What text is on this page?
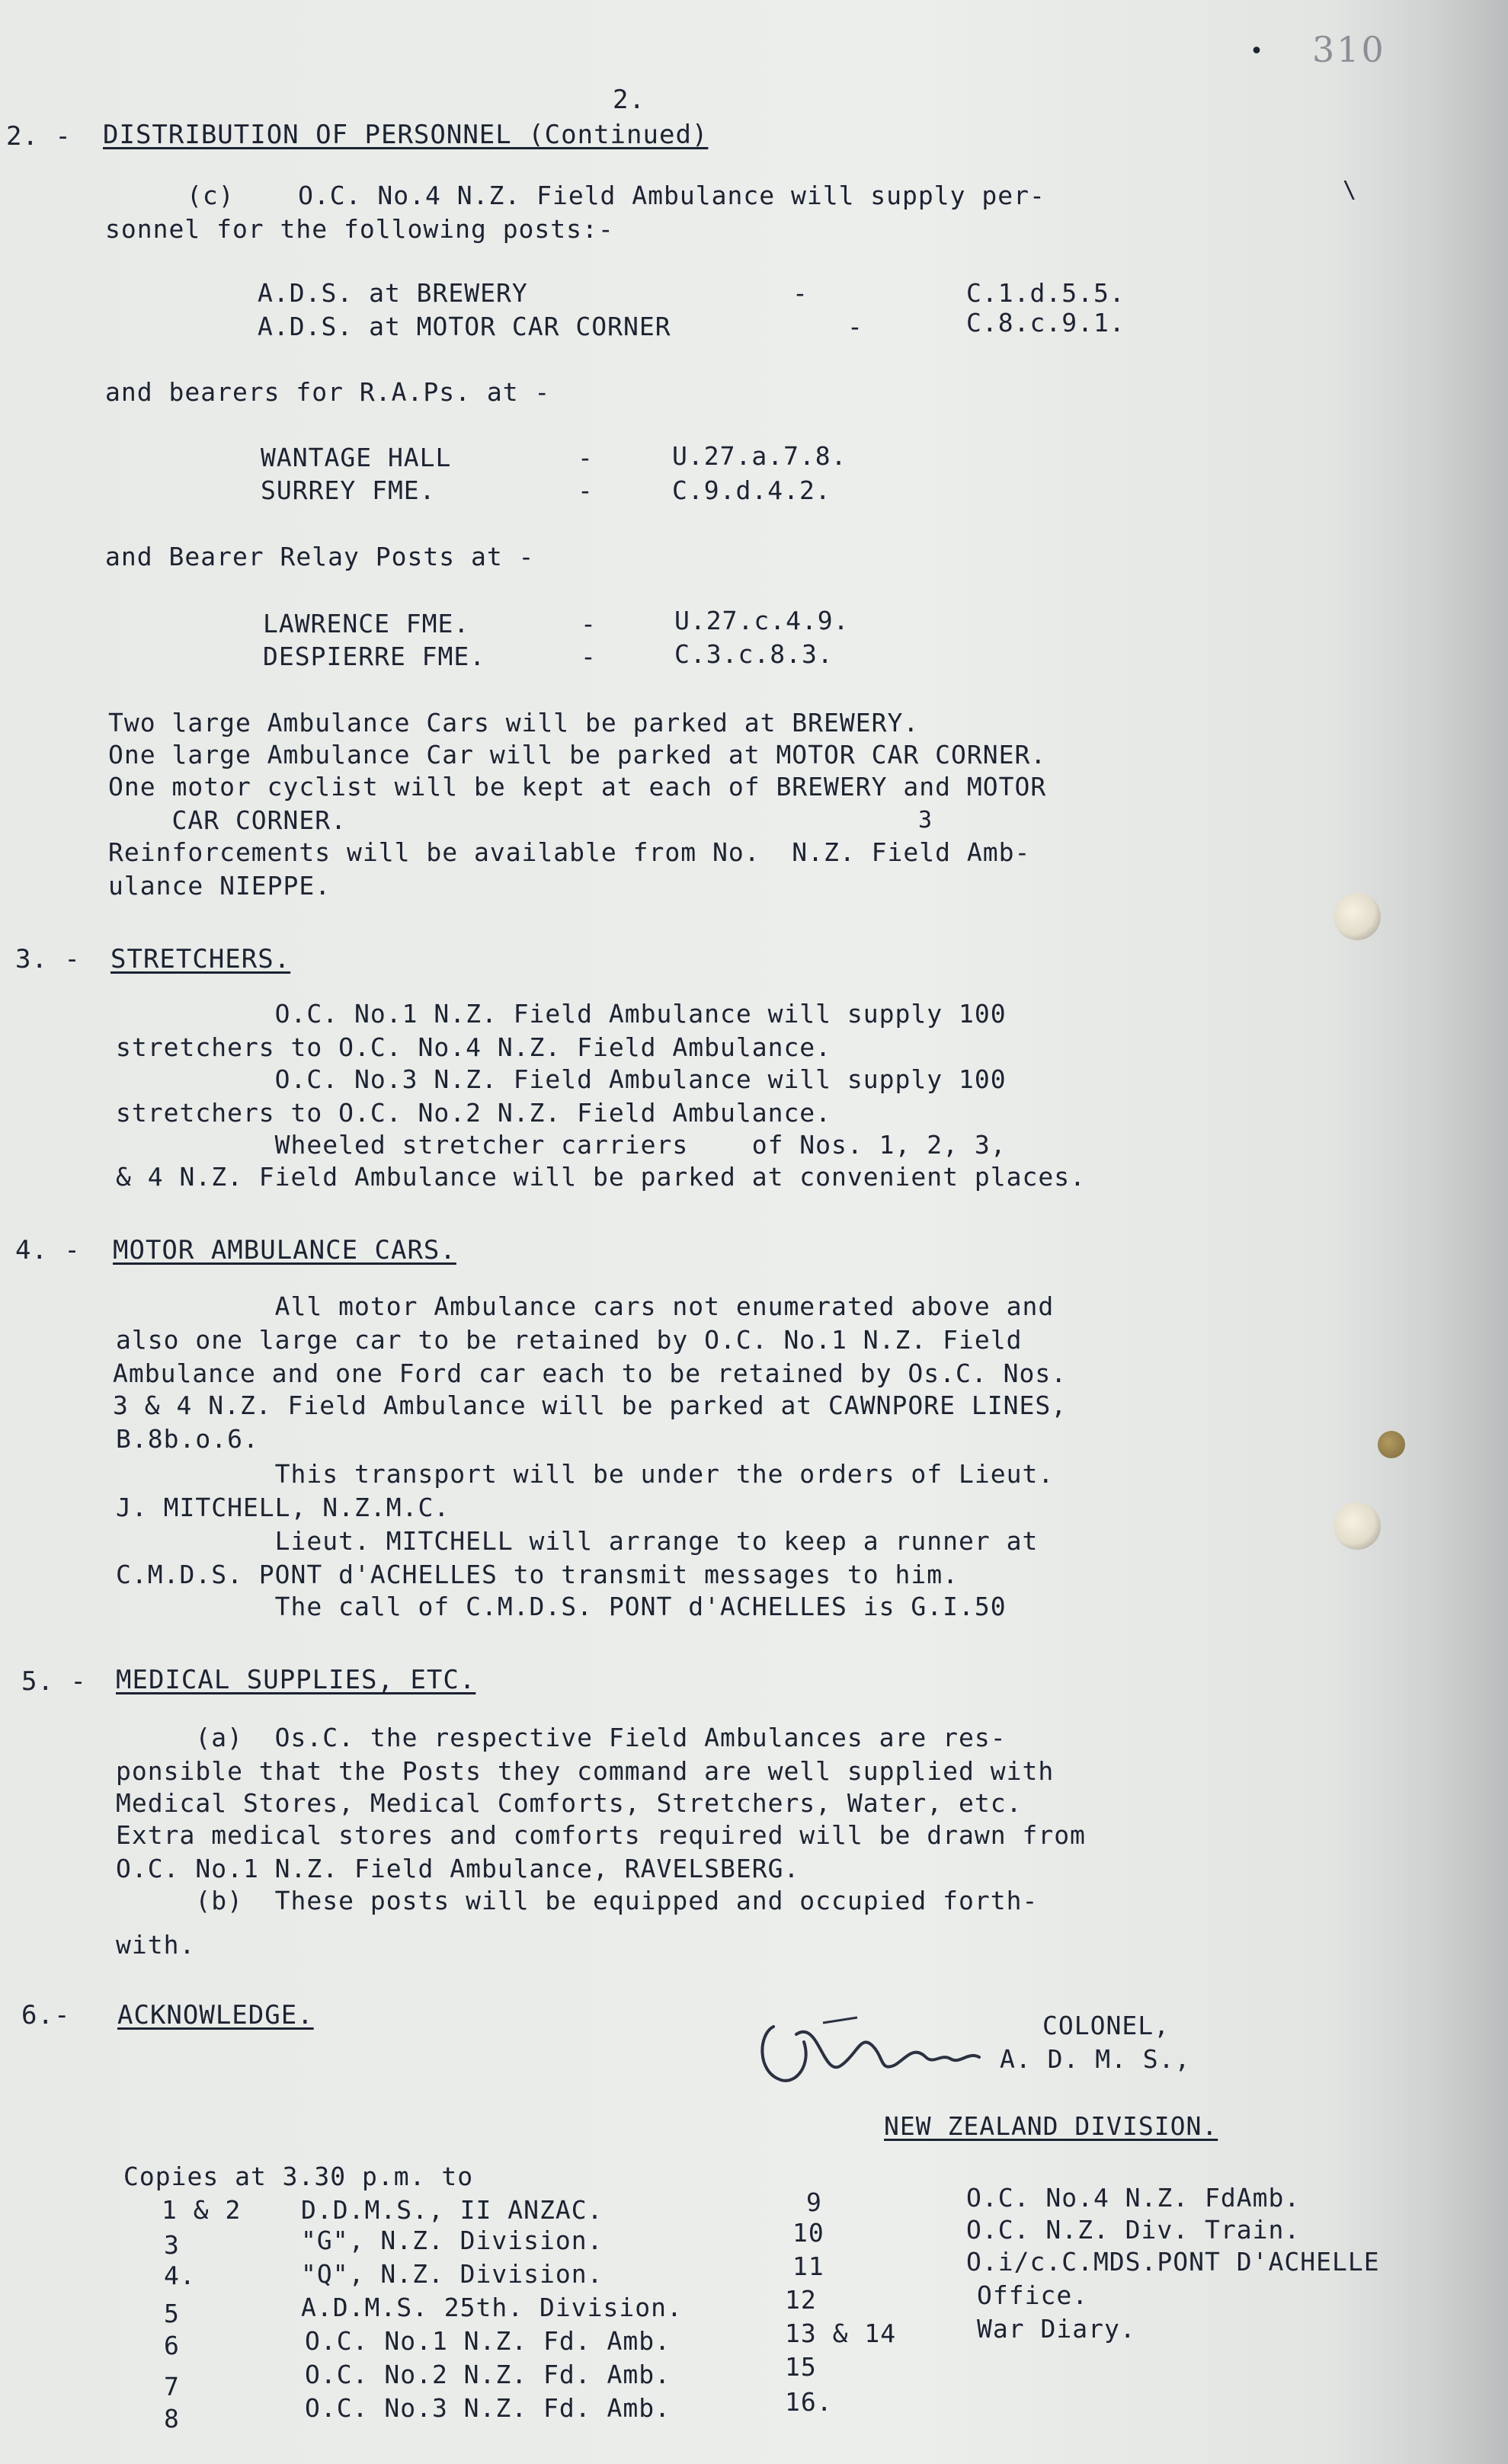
310
2.
2. - DISTRIBUTION OF PERSONNEL (Continued)
(c)    O.C. No.4 N.Z. Field Ambulance will supply per-
sonnel for the following posts:-
A.D.S. at BREWERY	-	C.1.d.5.5.
A.D.S. at MOTOR CAR CORNER	-	C.8.c.9.1.
and bearers for R.A.Ps. at -
WANTAGE HALL	-	U.27.a.7.8.
SURREY FME.	-	C.9.d.4.2.
and Bearer Relay Posts at -
LAWRENCE FME.	-	U.27.c.4.9.
DESPIERRE FME.	-	C.3.c.8.3.
Two large Ambulance Cars will be parked at BREWERY.
One large Ambulance Car will be parked at MOTOR CAR CORNER.
One motor cyclist will be kept at each of BREWERY and MOTOR
CAR CORNER.	3
Reinforcements will be available from No.  N.Z. Field Amb-
ulance NIEPPE.
3. - STRETCHERS.
O.C. No.1 N.Z. Field Ambulance will supply 100
stretchers to O.C. No.4 N.Z. Field Ambulance.
O.C. No.3 N.Z. Field Ambulance will supply 100
stretchers to O.C. No.2 N.Z. Field Ambulance.
Wheeled stretcher carriers    of Nos. 1, 2, 3,
& 4 N.Z. Field Ambulance will be parked at convenient places.
4. - MOTOR AMBULANCE CARS.
All motor Ambulance cars not enumerated above and
also one large car to be retained by O.C. No.1 N.Z. Field
Ambulance and one Ford car each to be retained by Os.C. Nos.
3 & 4 N.Z. Field Ambulance will be parked at CAWNPORE LINES,
B.8b.o.6.
This transport will be under the orders of Lieut.
J. MITCHELL, N.Z.M.C.
Lieut. MITCHELL will arrange to keep a runner at
C.M.D.S. PONT d'ACHELLES to transmit messages to him.
The call of C.M.D.S. PONT d'ACHELLES is G.I.50
5. - MEDICAL SUPPLIES, ETC.
(a)  Os.C. the respective Field Ambulances are res-
ponsible that the Posts they command are well supplied with
Medical Stores, Medical Comforts, Stretchers, Water, etc.
Extra medical stores and comforts required will be drawn from
O.C. No.1 N.Z. Field Ambulance, RAVELSBERG.
(b)  These posts will be equipped and occupied forth-
with.
6.- ACKNOWLEDGE.	COLONEL,
A. D. M. S.,
NEW ZEALAND DIVISION.
Copies at 3.30 p.m. to
1 & 2 D.D.M.S., II ANZAC.
3	"G", N.Z. Division.
4.	"Q", N.Z. Division.
5	A.D.M.S. 25th. Division.
6	O.C. No.1 N.Z. Fd. Amb.
7	O.C. No.2 N.Z. Fd. Amb.
8	O.C. No.3 N.Z. Fd. Amb.
9	O.C. No.4 N.Z. FdAmb.
10	O.C. N.Z. Div. Train.
11	O.i/c.C.MDS.PONT D'ACHELLE
12	Office.
13 & 14	War Diary.
15
16.
\
•
